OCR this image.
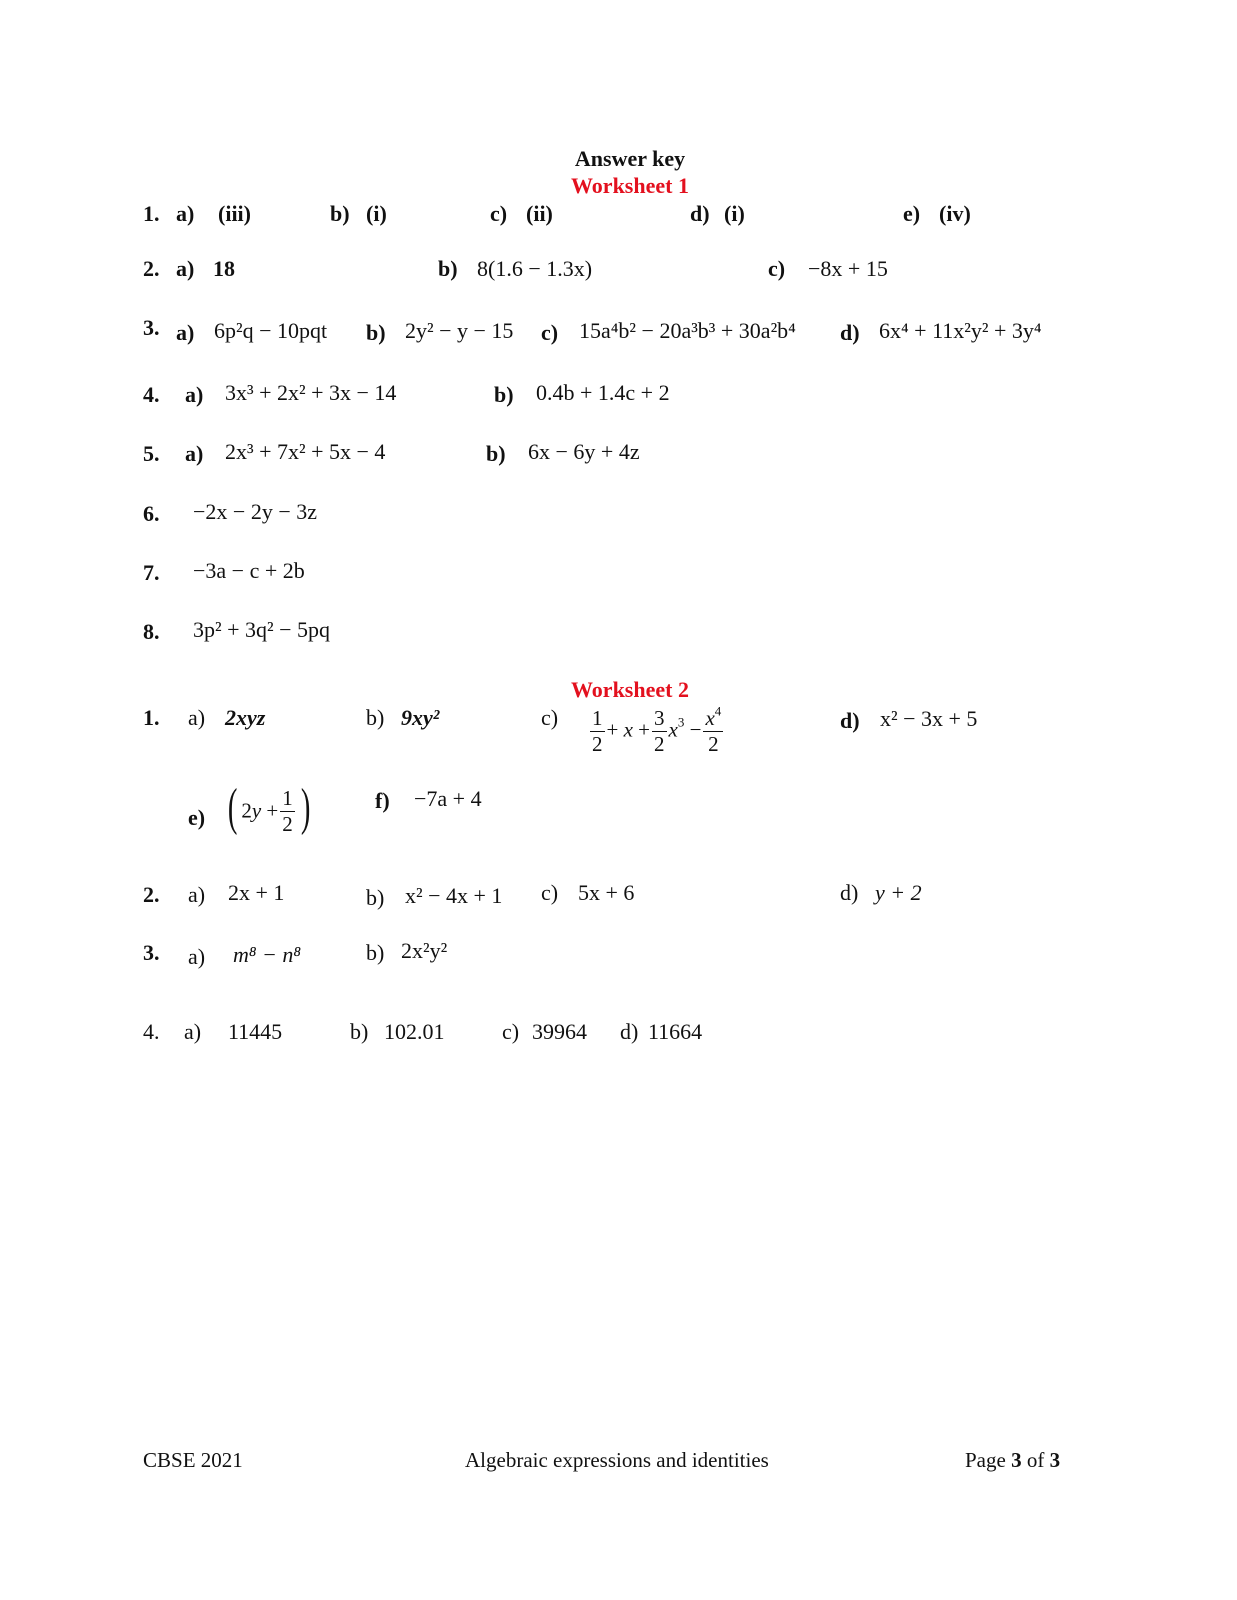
Answer key
Worksheet 1
1. a) (iii)	b) (i)	c) (ii)	d) (i)	e) (iv)
2. a) 18	b) 8(1.6 − 1.3x)	c) −8x + 15
3. a) 6p²q − 10pqt b) 2y² − y − 15 c) 15a⁴b² − 20a³b³ + 30a²b⁴ d) 6x⁴ + 11x²y² + 3y⁴
4. a) 3x³ + 2x² + 3x − 14	b) 0.4b + 1.4c + 2
5. a) 2x³ + 7x² + 5x − 4	b) 6x − 6y + 4z
6. −2x − 2y − 3z
7. −3a − c + 2b
8. 3p² + 3q² − 5pq
Worksheet 2
1. a) 2xyz	b) 9xy²	$c) \frac{1}{2} + x + \frac{3}{2} x^3 - \frac{x^4}{2}$	d) x² − 3x + 5
e) ( $2y + \frac{1}{2}$ )	f) −7a + 4
2. a) 2x + 1	b) x² − 4x + 1 c) 5x + 6	d) y + 2
3. a) m⁸ − n⁸	b) 2x²y²
4. a) 11445	b) 102.01	c) 39964 d) 11664
CBSE 2021	Algebraic expressions and identities	Page 3 of 3
